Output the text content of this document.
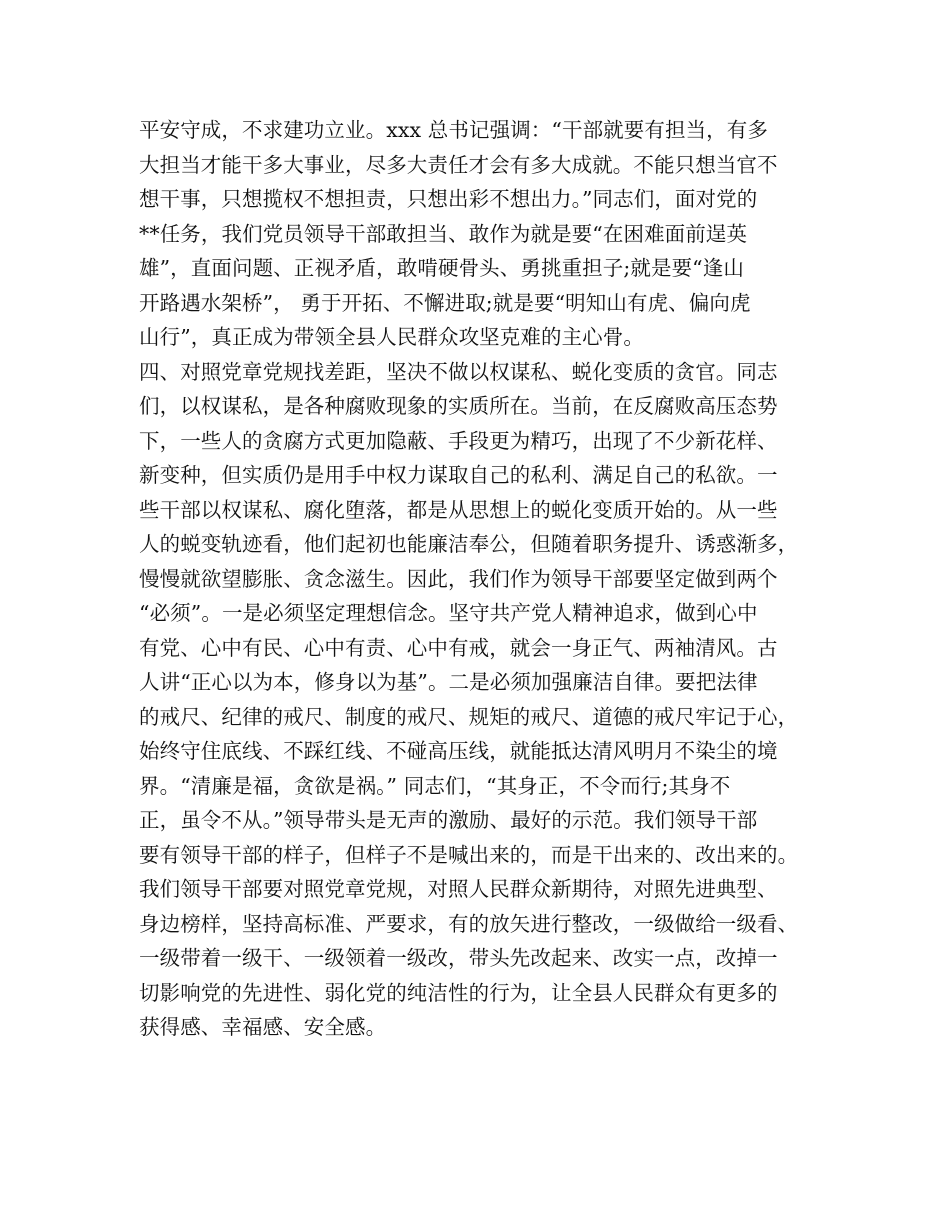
平安守成，不求建功立业。xxx 总书记强调：“干部就要有担当，有多
大担当才能干多大事业，尽多大责任才会有多大成就。不能只想当官不
想干事，只想揽权不想担责，只想出彩不想出力。”同志们，面对党的
**任务，我们党员领导干部敢担当、敢作为就是要“在困难面前逞英
雄”，直面问题、正视矛盾，敢啃硬骨头、勇挑重担子;就是要“逢山
开路遇水架桥”， 勇于开拓、不懈进取;就是要“明知山有虎、偏向虎
山行”，真正成为带领全县人民群众攻坚克难的主心骨。
四、对照党章党规找差距，坚决不做以权谋私、蜕化变质的贪官。同志
们，以权谋私，是各种腐败现象的实质所在。当前，在反腐败高压态势
下，一些人的贪腐方式更加隐蔽、手段更为精巧，出现了不少新花样、
新变种，但实质仍是用手中权力谋取自己的私利、满足自己的私欲。一
些干部以权谋私、腐化堕落，都是从思想上的蜕化变质开始的。从一些
人的蜕变轨迹看，他们起初也能廉洁奉公，但随着职务提升、诱惑渐多，
慢慢就欲望膨胀、贪念滋生。因此，我们作为领导干部要坚定做到两个
“必须”。一是必须坚定理想信念。坚守共产党人精神追求，做到心中
有党、心中有民、心中有责、心中有戒，就会一身正气、两袖清风。古
人讲“正心以为本，修身以为基”。二是必须加强廉洁自律。要把法律
的戒尺、纪律的戒尺、制度的戒尺、规矩的戒尺、道德的戒尺牢记于心，
始终守住底线、不踩红线、不碰高压线，就能抵达清风明月不染尘的境
界。“清廉是福，贪欲是祸。” 同志们，“其身正，不令而行;其身不
正，虽令不从。”领导带头是无声的激励、最好的示范。我们领导干部
要有领导干部的样子，但样子不是喊出来的，而是干出来的、改出来的。
我们领导干部要对照党章党规，对照人民群众新期待，对照先进典型、
身边榜样，坚持高标准、严要求，有的放矢进行整改，一级做给一级看、
一级带着一级干、一级领着一级改，带头先改起来、改实一点，改掉一
切影响党的先进性、弱化党的纯洁性的行为，让全县人民群众有更多的
获得感、幸福感、安全感。
